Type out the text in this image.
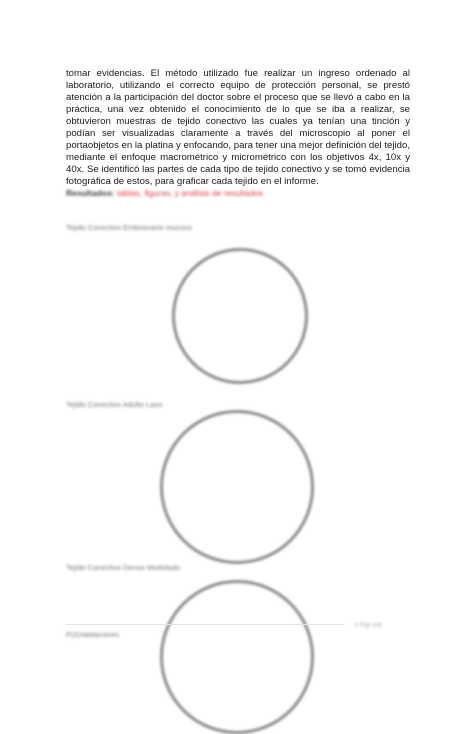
tomar evidencias. El método utilizado fue realizar un ingreso ordenado al laboratorio, utilizando el correcto equipo de protección personal, se prestó atención a la participación del doctor sobre el proceso que se llevó a cabo en la práctica, una vez obtenido el conocimiento de lo que se iba a realizar, se obtuvieron muestras de tejido conectivo las cuales ya tenían una tinción y podían ser visualizadas claramente a través del microscopio al poner el portaobjetos en la platina y enfocando, para tener una mejor definición del tejido, mediante el enfoque macrométrico y micrométrico con los objetivos 4x, 10x y 40x. Se identificó las partes de cada tipo de tejido conectivo y se tomó evidencia fotográfica de estos, para graficar cada tejido en el informe.

Resultados: tablas, figuras, y análisis de resultados
Tejido Conectivo Embrionario mucoso
Tejido Conectivo Adulto Laxo
Tejido Conectivo Denso Modelado
P(S)Validaciones
≡ Pip·ino
